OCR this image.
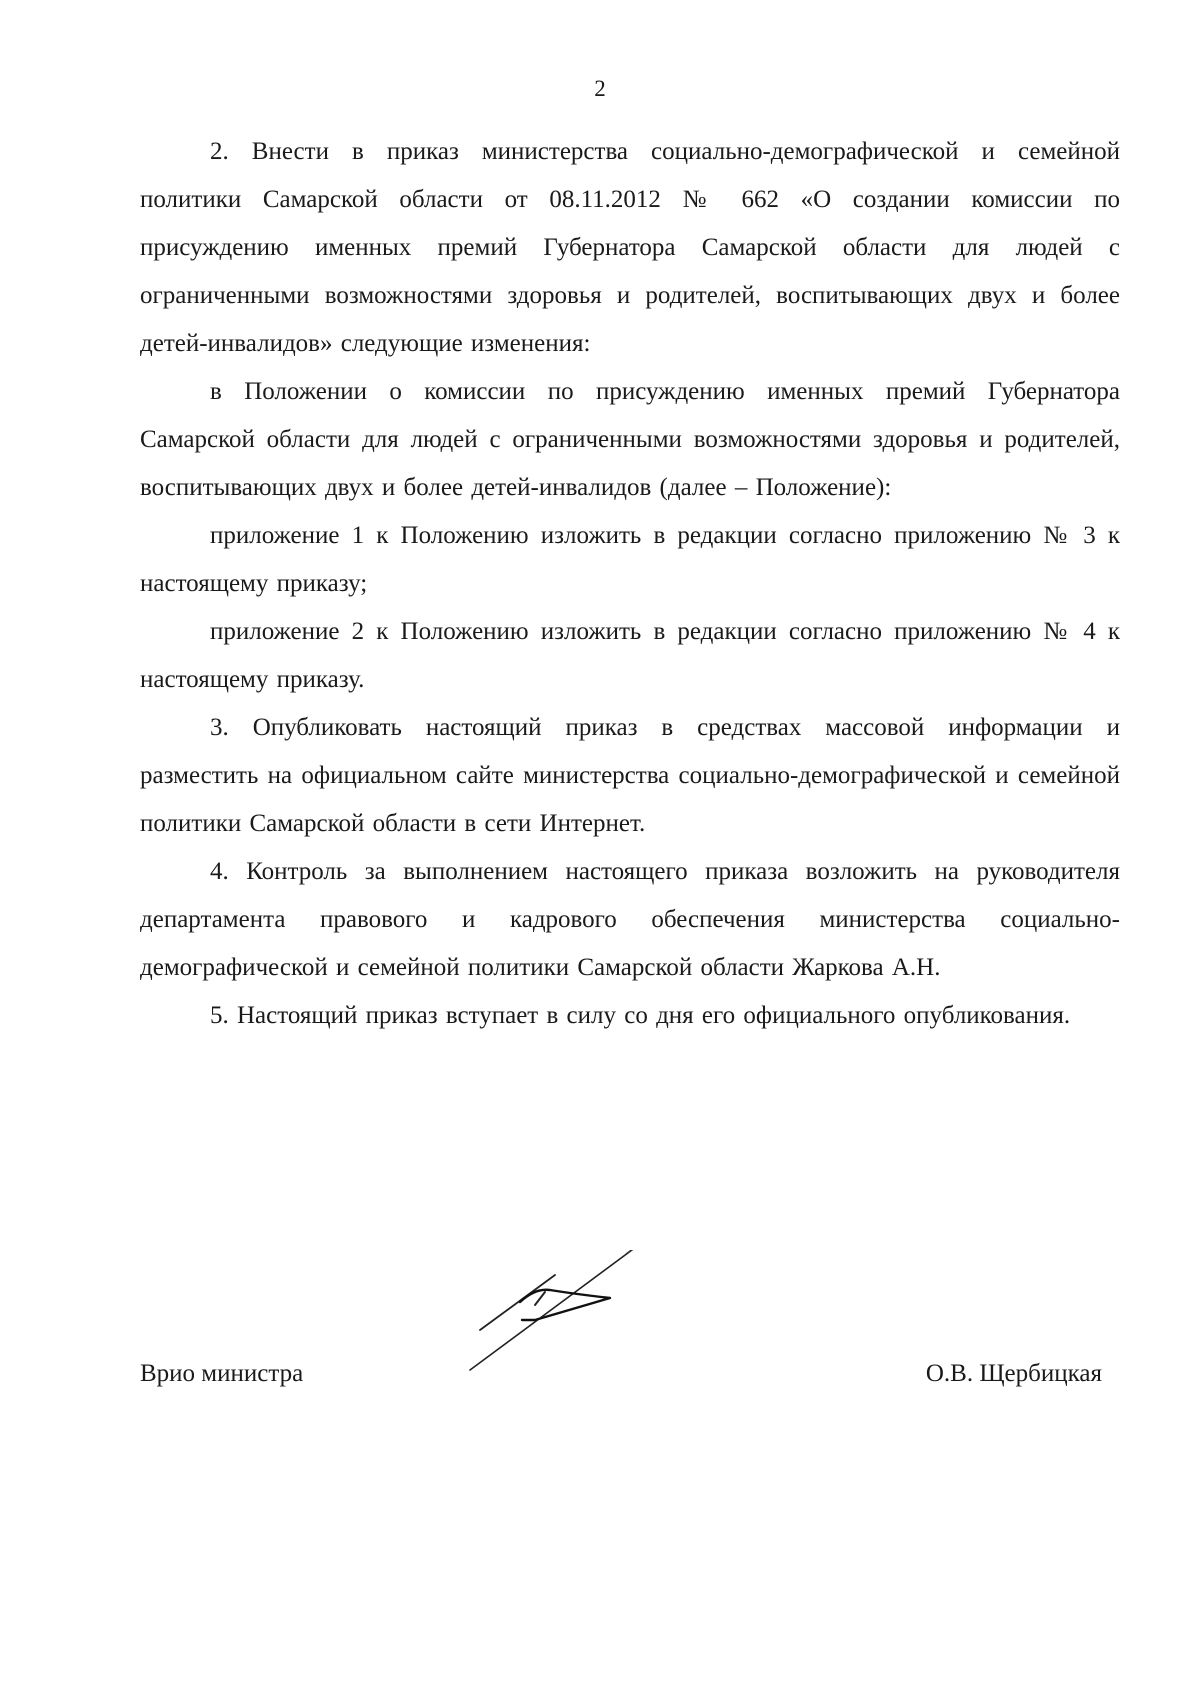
2

2. Внести в приказ министерства социально-демографической и семейной политики Самарской области от 08.11.2012 № 662 «О создании комиссии по присуждению именных премий Губернатора Самарской области для людей с ограниченными возможностями здоровья и родителей, воспитывающих двух и более детей-инвалидов» следующие изменения:

в Положении о комиссии по присуждению именных премий Губернатора Самарской области для людей с ограниченными возможностями здоровья и родителей, воспитывающих двух и более детей-инвалидов (далее – Положение):

приложение 1 к Положению изложить в редакции согласно приложению № 3 к настоящему приказу;

приложение 2 к Положению изложить в редакции согласно приложению № 4 к настоящему приказу.

3. Опубликовать настоящий приказ в средствах массовой информации и разместить на официальном сайте министерства социально-демографической и семейной политики Самарской области в сети Интернет.

4. Контроль за выполнением настоящего приказа возложить на руководителя департамента правового и кадрового обеспечения министерства социально-демографической и семейной политики Самарской области Жаркова А.Н.

5. Настоящий приказ вступает в силу со дня его официального опубликования.

Врио министра	О.В. Щербицкая
